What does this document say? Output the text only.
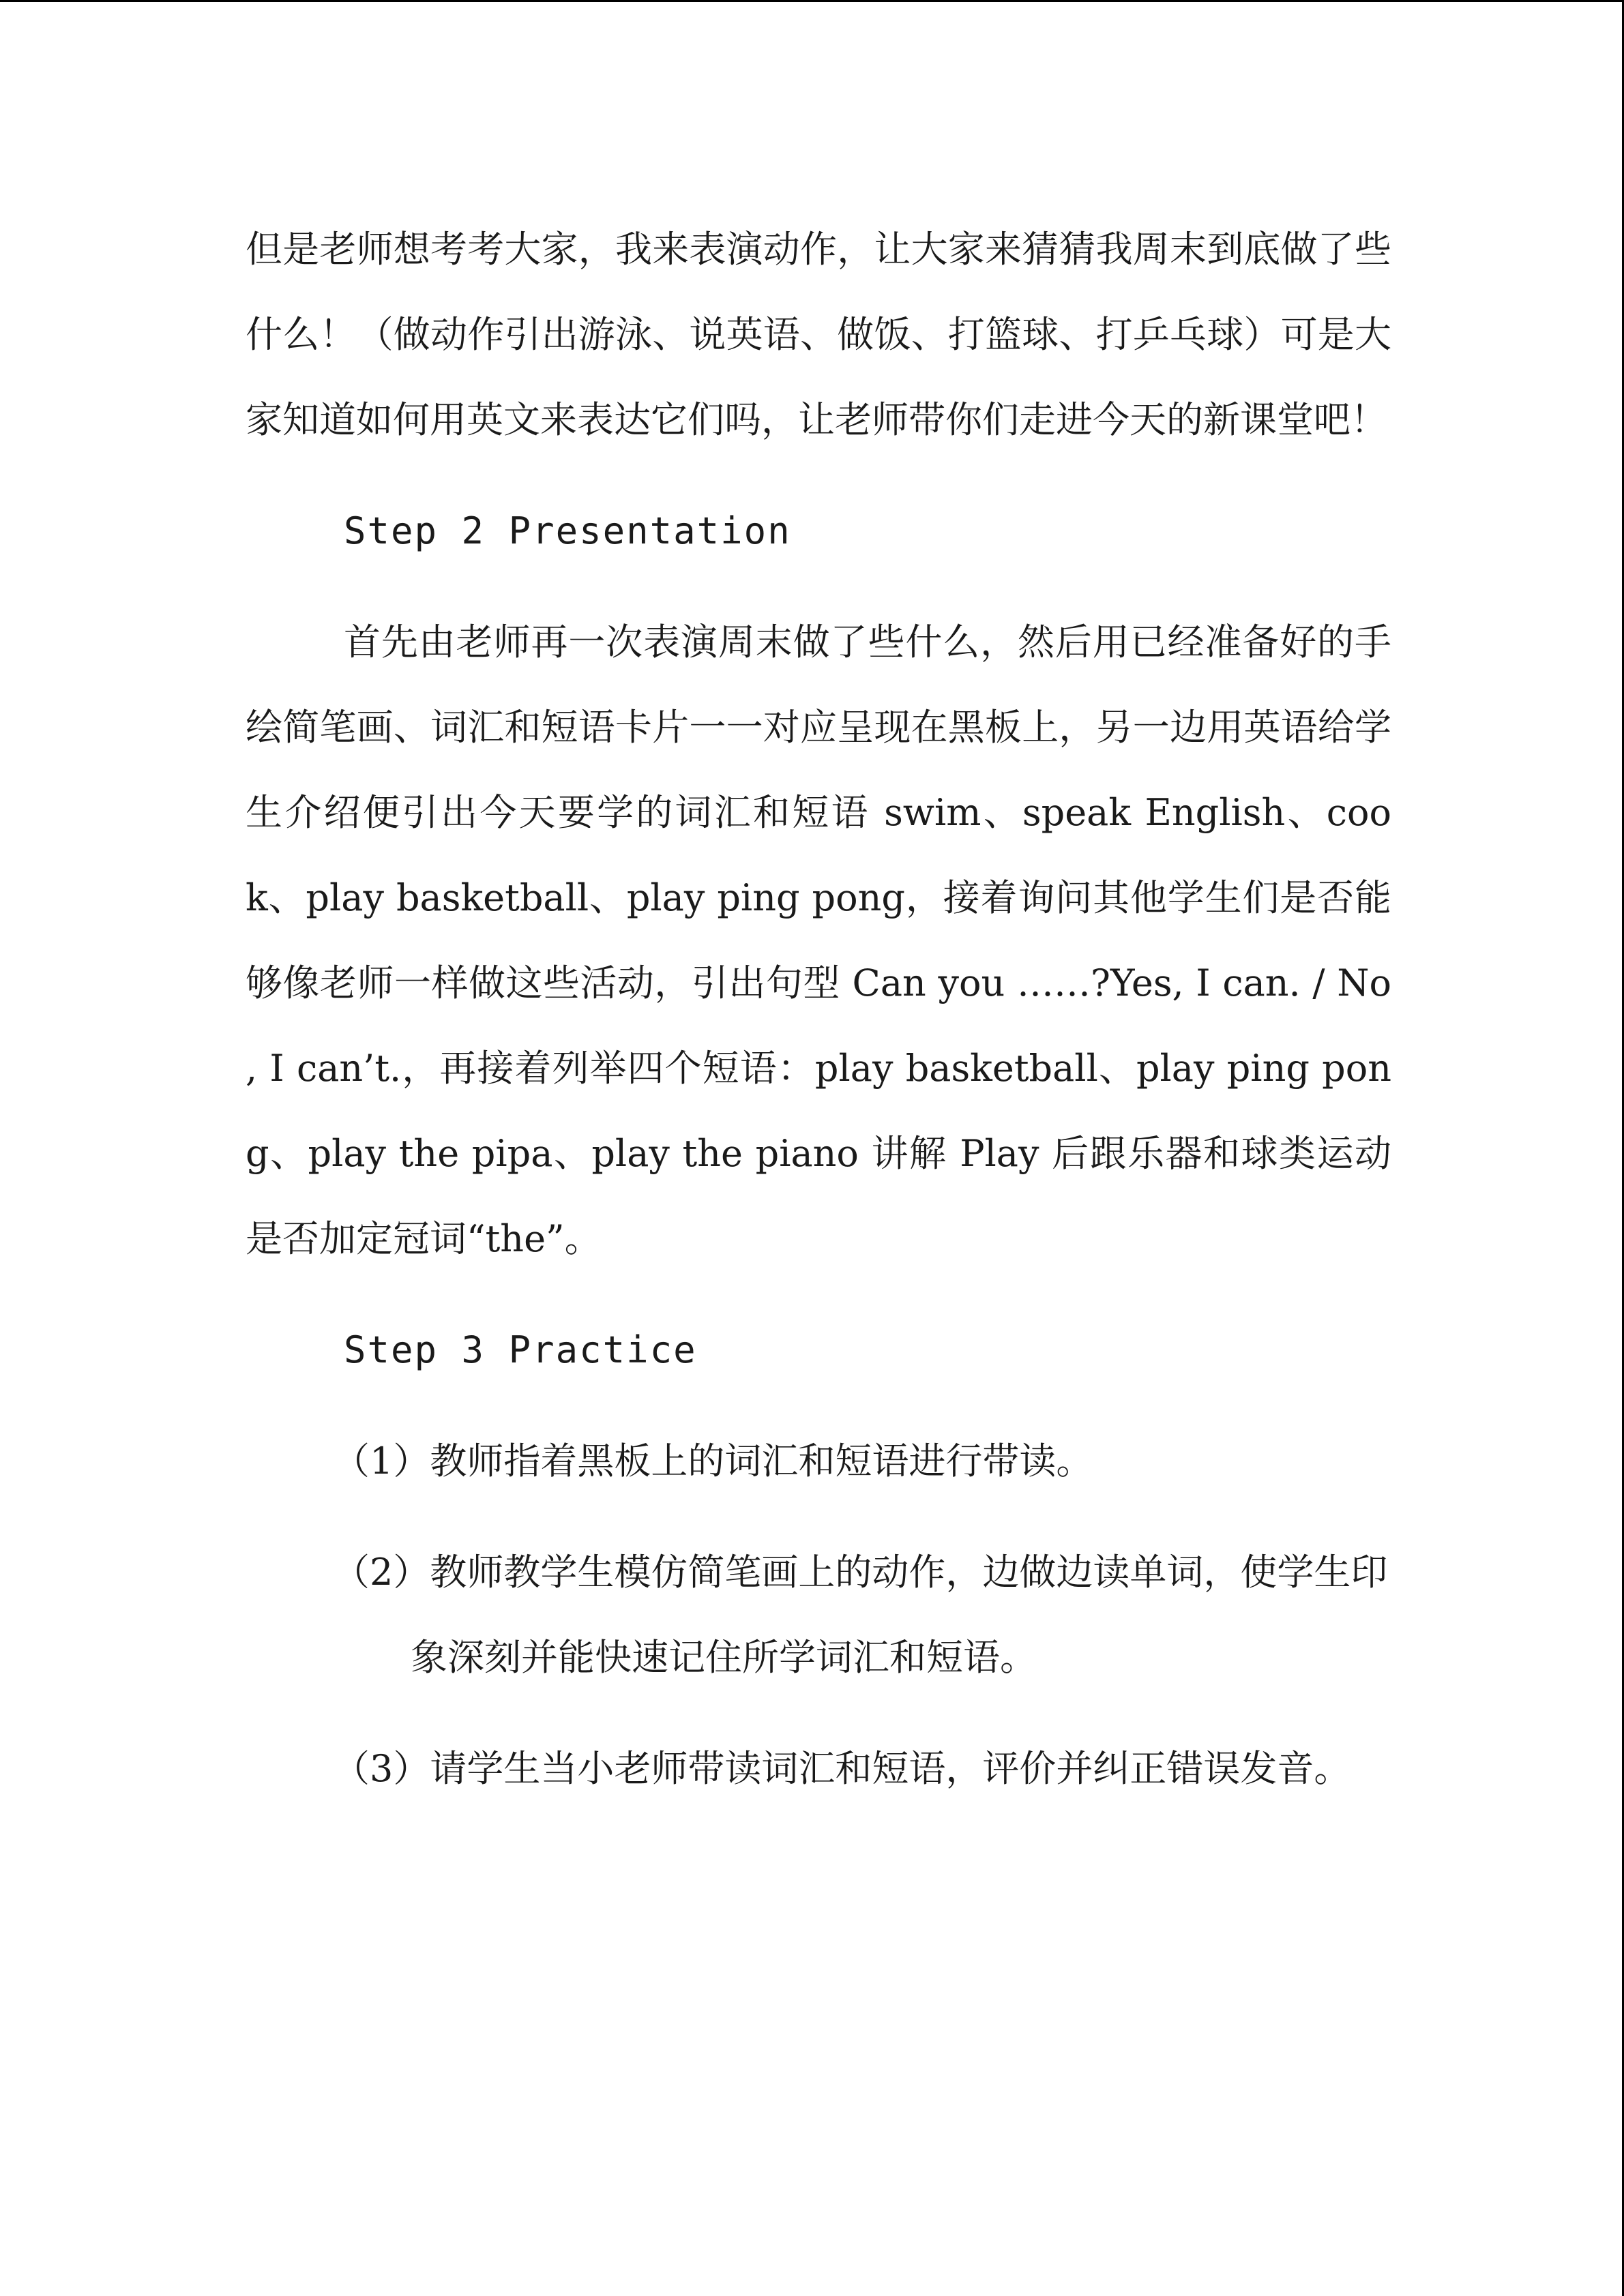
但是老师想考考大家，我来表演动作，让大家来猜猜我周末到底做了些什么！（做动作引出游泳、说英语、做饭、打篮球、打乒乓球）可是大家知道如何用英文来表达它们吗，让老师带你们走进今天的新课堂吧！

Step 2 Presentation

首先由老师再一次表演周末做了些什么，然后用已经准备好的手绘简笔画、词汇和短语卡片一一对应呈现在黑板上，另一边用英语给学生介绍便引出今天要学的词汇和短语 swim、speak English、cook、play basketball、play ping pong，接着询问其他学生们是否能够像老师一样做这些活动，引出句型 Can you ……?Yes, I can. / No , I can’t.，再接着列举四个短语：play basketball、play ping pong、play the pipa、play the piano 讲解 Play 后跟乐器和球类运动是否加定冠词“the”。

Step 3 Practice

（1）教师指着黑板上的词汇和短语进行带读。

（2）教师教学生模仿简笔画上的动作，边做边读单词，使学生印象深刻并能快速记住所学词汇和短语。

（3）请学生当小老师带读词汇和短语，评价并纠正错误发音。
